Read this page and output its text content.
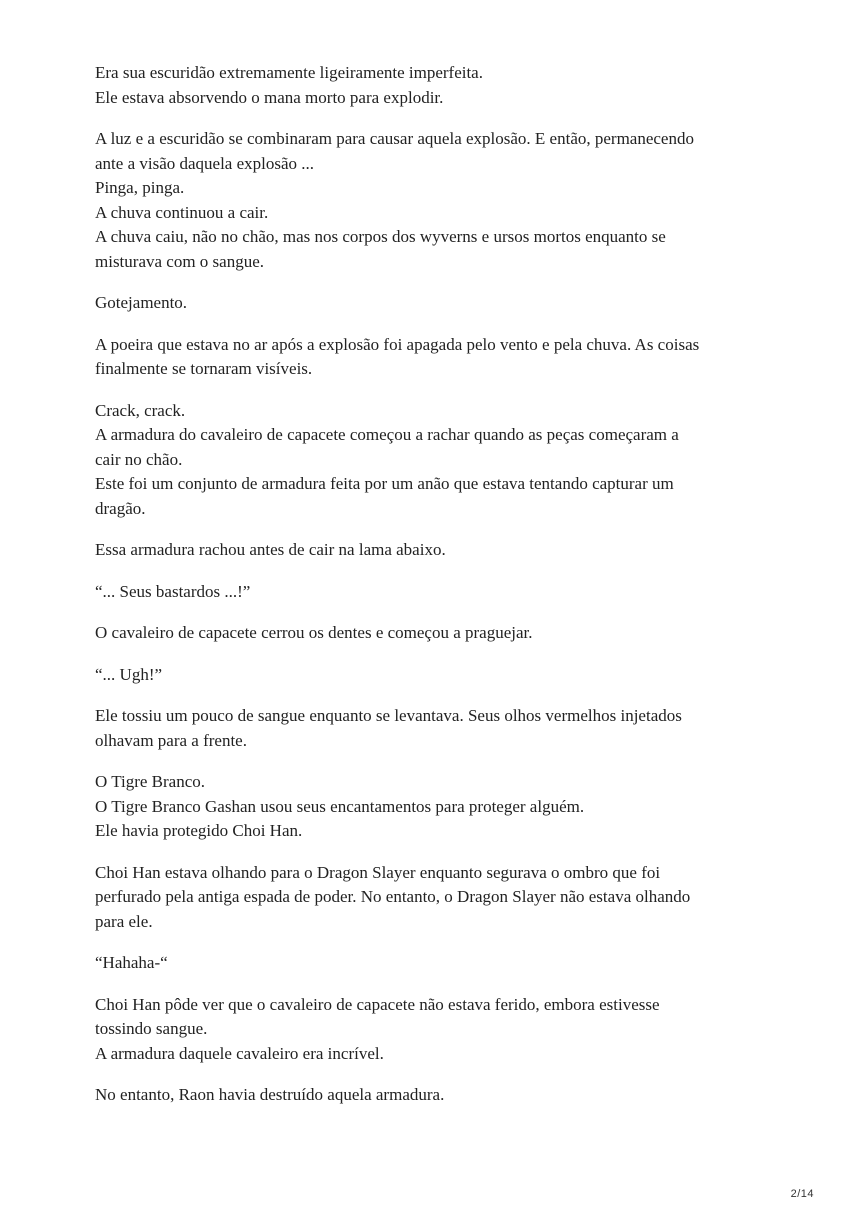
Era sua escuridão extremamente ligeiramente imperfeita.
Ele estava absorvendo o mana morto para explodir.

A luz e a escuridão se combinaram para causar aquela explosão. E então, permanecendo
ante a visão daquela explosão ...
Pinga, pinga.
A chuva continuou a cair.
A chuva caiu, não no chão, mas nos corpos dos wyverns e ursos mortos enquanto se
misturava com o sangue.

Gotejamento.

A poeira que estava no ar após a explosão foi apagada pelo vento e pela chuva. As coisas
finalmente se tornaram visíveis.

Crack, crack.
A armadura do cavaleiro de capacete começou a rachar quando as peças começaram a
cair no chão.
Este foi um conjunto de armadura feita por um anão que estava tentando capturar um
dragão.

Essa armadura rachou antes de cair na lama abaixo.

“... Seus bastardos ...!”

O cavaleiro de capacete cerrou os dentes e começou a praguejar.

“... Ugh!”

Ele tossiu um pouco de sangue enquanto se levantava. Seus olhos vermelhos injetados
olhavam para a frente.

O Tigre Branco.
O Tigre Branco Gashan usou seus encantamentos para proteger alguém.
Ele havia protegido Choi Han.

Choi Han estava olhando para o Dragon Slayer enquanto segurava o ombro que foi
perfurado pela antiga espada de poder. No entanto, o Dragon Slayer não estava olhando
para ele.

“Hahaha-“

Choi Han pôde ver que o cavaleiro de capacete não estava ferido, embora estivesse
tossindo sangue.
A armadura daquele cavaleiro era incrível.

No entanto, Raon havia destruído aquela armadura.

2/14
